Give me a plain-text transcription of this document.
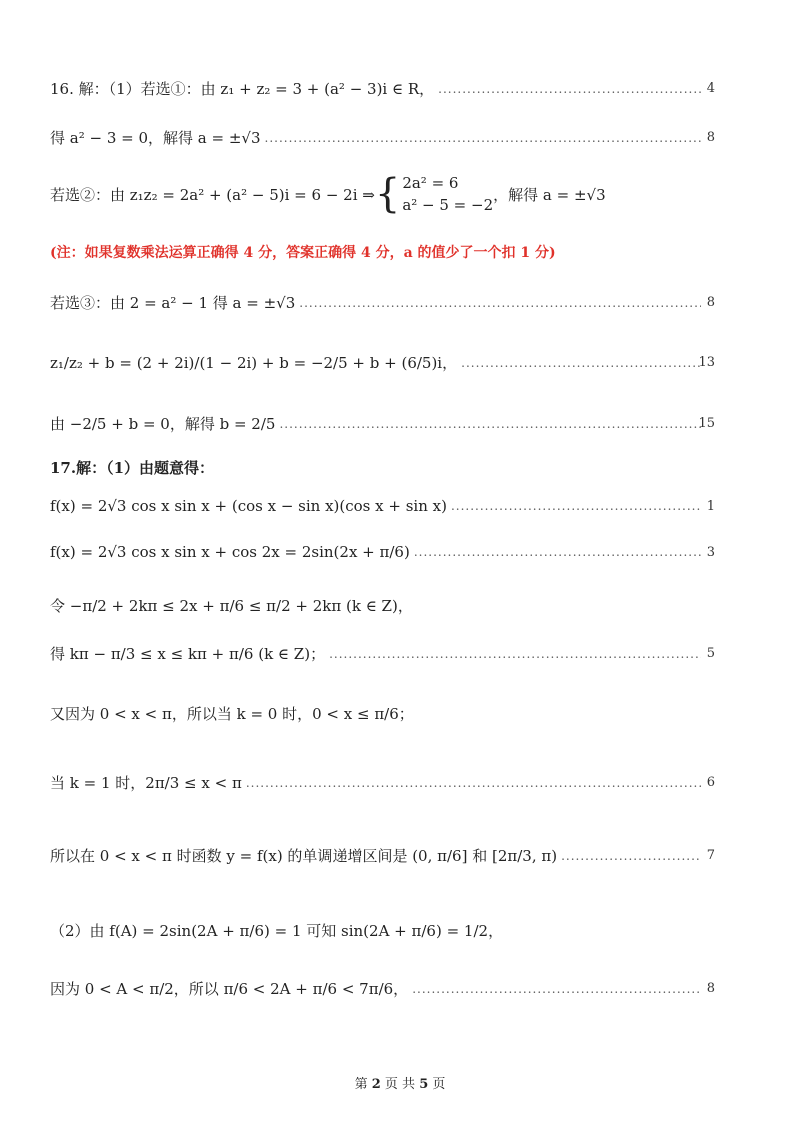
16. 解：（1）若选①：由 z₁ + z₂ = 3 + (a² − 3)i ∈ R， .....	4
得 a² − 3 = 0，解得 a = ±√3 .....	8
若选②：由 z₁z₂ = 2a² + (a² − 5)i = 6 − 2i ⇒ { 2a² = 6
a² − 5 = −2
，解得 a = ±√3
(注：如果复数乘法运算正确得 4 分，答案正确得 4 分，a 的值少了一个扣 1 分)
若选③：由 2 = a² − 1 得 a = ±√3 .....	8
z₁/z₂ + b = (2 + 2i)/(1 − 2i) + b = −2/5 + b + (6/5)i， .....	13
由 −2/5 + b = 0，解得 b = 2/5 .....	15
17.解：（1）由题意得：
f(x) = 2√3 cos x sin x + (cos x − sin x)(cos x + sin x) .....	1
f(x) = 2√3 cos x sin x + cos 2x = 2sin(2x + π/6) .....	3
令 −π/2 + 2kπ ≤ 2x + π/6 ≤ π/2 + 2kπ (k ∈ Z)，
得 kπ − π/3 ≤ x ≤ kπ + π/6 (k ∈ Z)； .....	5
又因为 0 < x < π，所以当 k = 0 时，0 < x ≤ π/6；
当 k = 1 时，2π/3 ≤ x < π .....	6
所以在 0 < x < π 时函数 y = f(x) 的单调递增区间是 (0, π/6] 和 [2π/3, π) .....	7
（2）由 f(A) = 2sin(2A + π/6) = 1 可知 sin(2A + π/6) = 1/2，
因为 0 < A < π/2，所以 π/6 < 2A + π/6 < 7π/6， .....	8
第 2 页 共 5 页
